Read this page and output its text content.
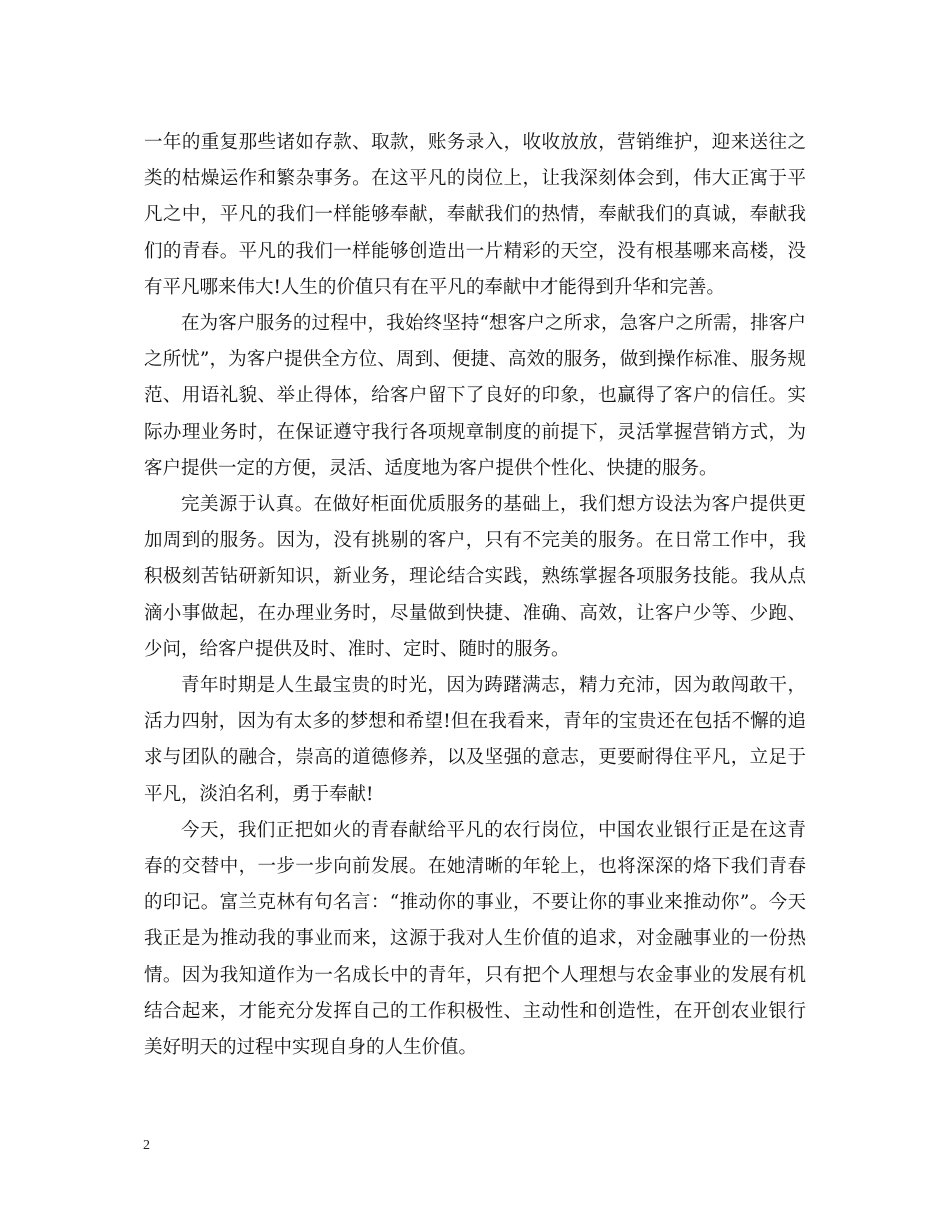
一年的重复那些诸如存款、取款，账务录入，收收放放，营销维护，迎来送往之类的枯燥运作和繁杂事务。在这平凡的岗位上，让我深刻体会到，伟大正寓于平凡之中，平凡的我们一样能够奉献，奉献我们的热情，奉献我们的真诚，奉献我们的青春。平凡的我们一样能够创造出一片精彩的天空，没有根基哪来高楼，没有平凡哪来伟大!人生的价值只有在平凡的奉献中才能得到升华和完善。

在为客户服务的过程中，我始终坚持“想客户之所求，急客户之所需，排客户之所忧”，为客户提供全方位、周到、便捷、高效的服务，做到操作标准、服务规范、用语礼貌、举止得体，给客户留下了良好的印象，也赢得了客户的信任。实际办理业务时，在保证遵守我行各项规章制度的前提下，灵活掌握营销方式，为客户提供一定的方便，灵活、适度地为客户提供个性化、快捷的服务。

完美源于认真。在做好柜面优质服务的基础上，我们想方设法为客户提供更加周到的服务。因为，没有挑剔的客户，只有不完美的服务。在日常工作中，我积极刻苦钻研新知识，新业务，理论结合实践，熟练掌握各项服务技能。我从点滴小事做起，在办理业务时，尽量做到快捷、准确、高效，让客户少等、少跑、少问，给客户提供及时、准时、定时、随时的服务。

青年时期是人生最宝贵的时光，因为踌躇满志，精力充沛，因为敢闯敢干，活力四射，因为有太多的梦想和希望!但在我看来，青年的宝贵还在包括不懈的追求与团队的融合，崇高的道德修养，以及坚强的意志，更要耐得住平凡，立足于平凡，淡泊名利，勇于奉献!

今天，我们正把如火的青春献给平凡的农行岗位，中国农业银行正是在这青春的交替中，一步一步向前发展。在她清晰的年轮上，也将深深的烙下我们青春的印记。富兰克林有句名言：“推动你的事业，不要让你的事业来推动你”。今天我正是为推动我的事业而来，这源于我对人生价值的追求，对金融事业的一份热情。因为我知道作为一名成长中的青年，只有把个人理想与农金事业的发展有机结合起来，才能充分发挥自己的工作积极性、主动性和创造性，在开创农业银行美好明天的过程中实现自身的人生价值。

2
